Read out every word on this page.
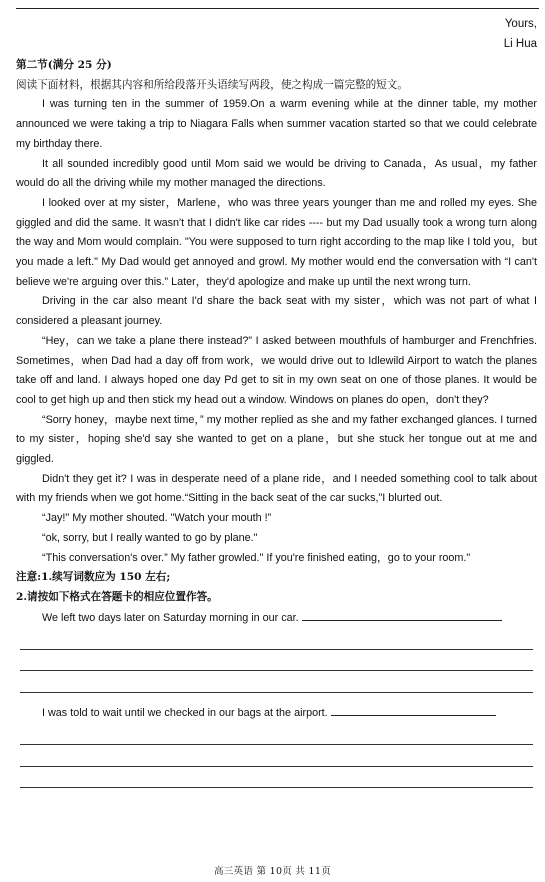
Yours,
Li Hua

第二节(满分 25 分)

阅读下面材料，根据其内容和所给段落开头语续写两段，使之构成一篇完整的短文。

I was turning ten in the summer of 1959.On a warm evening while at the dinner table, my mother announced we were taking a trip to Niagara Falls when summer vacation started so that we could celebrate my birthday there.

It all sounded incredibly good until Mom said we would be driving to Canada，As usual，my father would do all the driving while my mother managed the directions.

I looked over at my sister，Marlene，who was three years younger than me and rolled my eyes. She giggled and did the same. It wasn't that I didn't like car rides ---- but my Dad usually took a wrong turn along the way and Mom would complain. "You were supposed to turn right according to the map like I told you，but you made a left." My Dad would get annoyed and growl. My mother would end the conversation with “I can't believe we're arguing over this.” Later，they'd apologize and make up until the next wrong turn.

Driving in the car also meant I'd share the back seat with my sister，which was not part of what I considered a pleasant journey.

“Hey，can we take a plane there instead?” I asked between mouthfuls of hamburger and Frenchfries. Sometimes，when Dad had a day off from work，we would drive out to Idlewild Airport to watch the planes take off and land. I always hoped one day Pd get to sit in my own seat on one of those planes. It would be cool to get high up and then stick my head out a window. Windows on planes do open，don't they?

“Sorry honey，maybe next time，” my mother replied as she and my father exchanged glances. I turned to my sister，hoping she'd say she wanted to get on a plane，but she stuck her tongue out at me and giggled.

Didn't they get it? I was in desperate need of a plane ride，and I needed something cool to talk about with my friends when we got home.“Sitting in the back seat of the car sucks,"I blurted out.

“Jay!" My mother shouted. "Watch your mouth !”

“ok, sorry, but I really wanted to go by plane."

“This conversation's over.” My father growled." If you're finished eating，go to your room."

注意:1.续写词数应为 150 左右;

2.请按如下格式在答题卡的相应位置作答。

We left two days later on Saturday morning in our car.

I was told to wait until we checked in our bags at the airport.

高三英语 第 10页 共 11页
